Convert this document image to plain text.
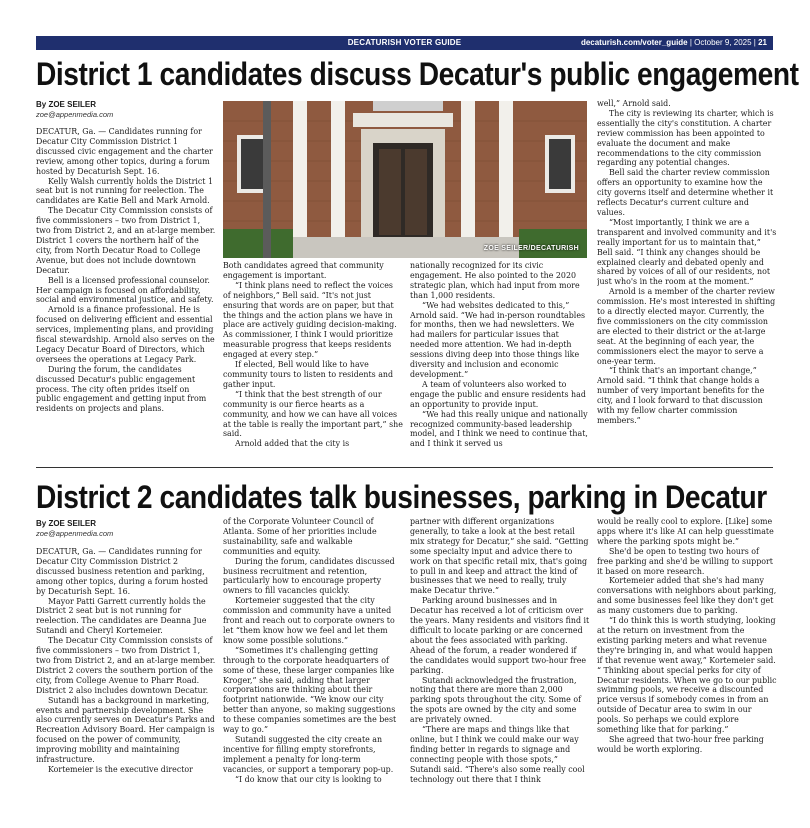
DECATURISH VOTER GUIDE	decaturish.com/voter_guide | October 9, 2025 | 21
District 1 candidates discuss Decatur's public engagement
By ZOE SEILER
zoe@appenmedia.com

DECATUR, Ga. — Candidates running for Decatur City Commission District 1 discussed civic engagement and the charter review, among other topics, during a forum hosted by Decaturish Sept. 16.

Kelly Walsh currently holds the District 1 seat but is not running for reelection. The candidates are Katie Bell and Mark Arnold.

The Decatur City Commission consists of five commissioners – two from District 1, two from District 2, and an at-large member. District 1 covers the northern half of the city, from North Decatur Road to College Avenue, but does not include downtown Decatur.

Bell is a licensed professional counselor. Her campaign is focused on affordability, social and environmental justice, and safety.

Arnold is a finance professional. He is focused on delivering efficient and essential services, implementing plans, and providing fiscal stewardship. Arnold also serves on the Legacy Decatur Board of Directors, which oversees the operations at Legacy Park.

During the forum, the candidates discussed Decatur's public engagement process. The city often prides itself on public engagement and getting input from residents on projects and plans.

ZOE SEILER/DECATURISH

Both candidates agreed that community engagement is important.

“I think plans need to reflect the voices of neighbors,” Bell said. “It's not just ensuring that words are on paper, but that the things and the action plans we have in place are actively guiding decision-making. As commissioner, I think I would prioritize measurable progress that keeps residents engaged at every step.”

If elected, Bell would like to have community tours to listen to residents and gather input.

“I think that the best strength of our community is our fierce hearts as a community, and how we can have all voices at the table is really the important part,” she said.

Arnold added that the city is

nationally recognized for its civic engagement. He also pointed to the 2020 strategic plan, which had input from more than 1,000 residents.

“We had websites dedicated to this,” Arnold said. “We had in-person roundtables for months, then we had newsletters. We had mailers for particular issues that needed more attention. We had in-depth sessions diving deep into those things like diversity and inclusion and economic development.”

A team of volunteers also worked to engage the public and ensure residents had an opportunity to provide input.

“We had this really unique and nationally recognized community-based leadership model, and I think we need to continue that, and I think it served us

well,” Arnold said.

The city is reviewing its charter, which is essentially the city's constitution. A charter review commission has been appointed to evaluate the document and make recommendations to the city commission regarding any potential changes.

Bell said the charter review commission offers an opportunity to examine how the city governs itself and determine whether it reflects Decatur's current culture and values.

“Most importantly, I think we are a transparent and involved community and it's really important for us to maintain that,” Bell said. “I think any changes should be explained clearly and debated openly and shared by voices of all of our residents, not just who's in the room at the moment.”

Arnold is a member of the charter review commission. He's most interested in shifting to a directly elected mayor. Currently, the five commissioners on the city commission are elected to their district or the at-large seat. At the beginning of each year, the commissioners elect the mayor to serve a one-year term.

“I think that's an important change,” Arnold said. “I think that change holds a number of very important benefits for the city, and I look forward to that discussion with my fellow charter commission members.”

District 2 candidates talk businesses, parking in Decatur
By ZOE SEILER
zoe@appenmedia.com

DECATUR, Ga. — Candidates running for Decatur City Commission District 2 discussed business retention and parking, among other topics, during a forum hosted by Decaturish Sept. 16.

Mayor Patti Garrett currently holds the District 2 seat but is not running for reelection. The candidates are Deanna Jue Sutandi and Cheryl Kortemeier.

The Decatur City Commission consists of five commissioners – two from District 1, two from District 2, and an at-large member. District 2 covers the southern portion of the city, from College Avenue to Pharr Road. District 2 also includes downtown Decatur.

Sutandi has a background in marketing, events and partnership development. She also currently serves on Decatur's Parks and Recreation Advisory Board. Her campaign is focused on the power of community, improving mobility and maintaining infrastructure.

Kortemeier is the executive director

of the Corporate Volunteer Council of Atlanta. Some of her priorities include sustainability, safe and walkable communities and equity.

During the forum, candidates discussed business recruitment and retention, particularly how to encourage property owners to fill vacancies quickly.

Kortemeier suggested that the city commission and community have a united front and reach out to corporate owners to let “them know how we feel and let them know some possible solutions.”

“Sometimes it's challenging getting through to the corporate headquarters of some of these, these larger companies like Kroger,” she said, adding that larger corporations are thinking about their footprint nationwide. “We know our city better than anyone, so making suggestions to these companies sometimes are the best way to go.”

Sutandi suggested the city create an incentive for filling empty storefronts, implement a penalty for long-term vacancies, or support a temporary pop-up.

“I do know that our city is looking to

partner with different organizations generally, to take a look at the best retail mix strategy for Decatur,” she said. “Getting some specialty input and advice there to work on that specific retail mix, that's going to pull in and keep and attract the kind of businesses that we need to really, truly make Decatur thrive.”

Parking around businesses and in Decatur has received a lot of criticism over the years. Many residents and visitors find it difficult to locate parking or are concerned about the fees associated with parking. Ahead of the forum, a reader wondered if the candidates would support two-hour free parking.

Sutandi acknowledged the frustration, noting that there are more than 2,000 parking spots throughout the city. Some of the spots are owned by the city and some are privately owned.

“There are maps and things like that online, but I think we could make our way finding better in regards to signage and connecting people with those spots,” Sutandi said. “There's also some really cool technology out there that I think

would be really cool to explore. [Like] some apps where it's like AI can help guesstimate where the parking spots might be.”

She'd be open to testing two hours of free parking and she'd be willing to support it based on more research.

Kortemeier added that she's had many conversations with neighbors about parking, and some businesses feel like they don't get as many customers due to parking.

“I do think this is worth studying, looking at the return on investment from the existing parking meters and what revenue they're bringing in, and what would happen if that revenue went away,” Kortemeier said. “ Thinking about special perks for city of Decatur residents. When we go to our public swimming pools, we receive a discounted price versus if somebody comes in from an outside of Decatur area to swim in our pools. So perhaps we could explore something like that for parking.”

She agreed that two-hour free parking would be worth exploring.
